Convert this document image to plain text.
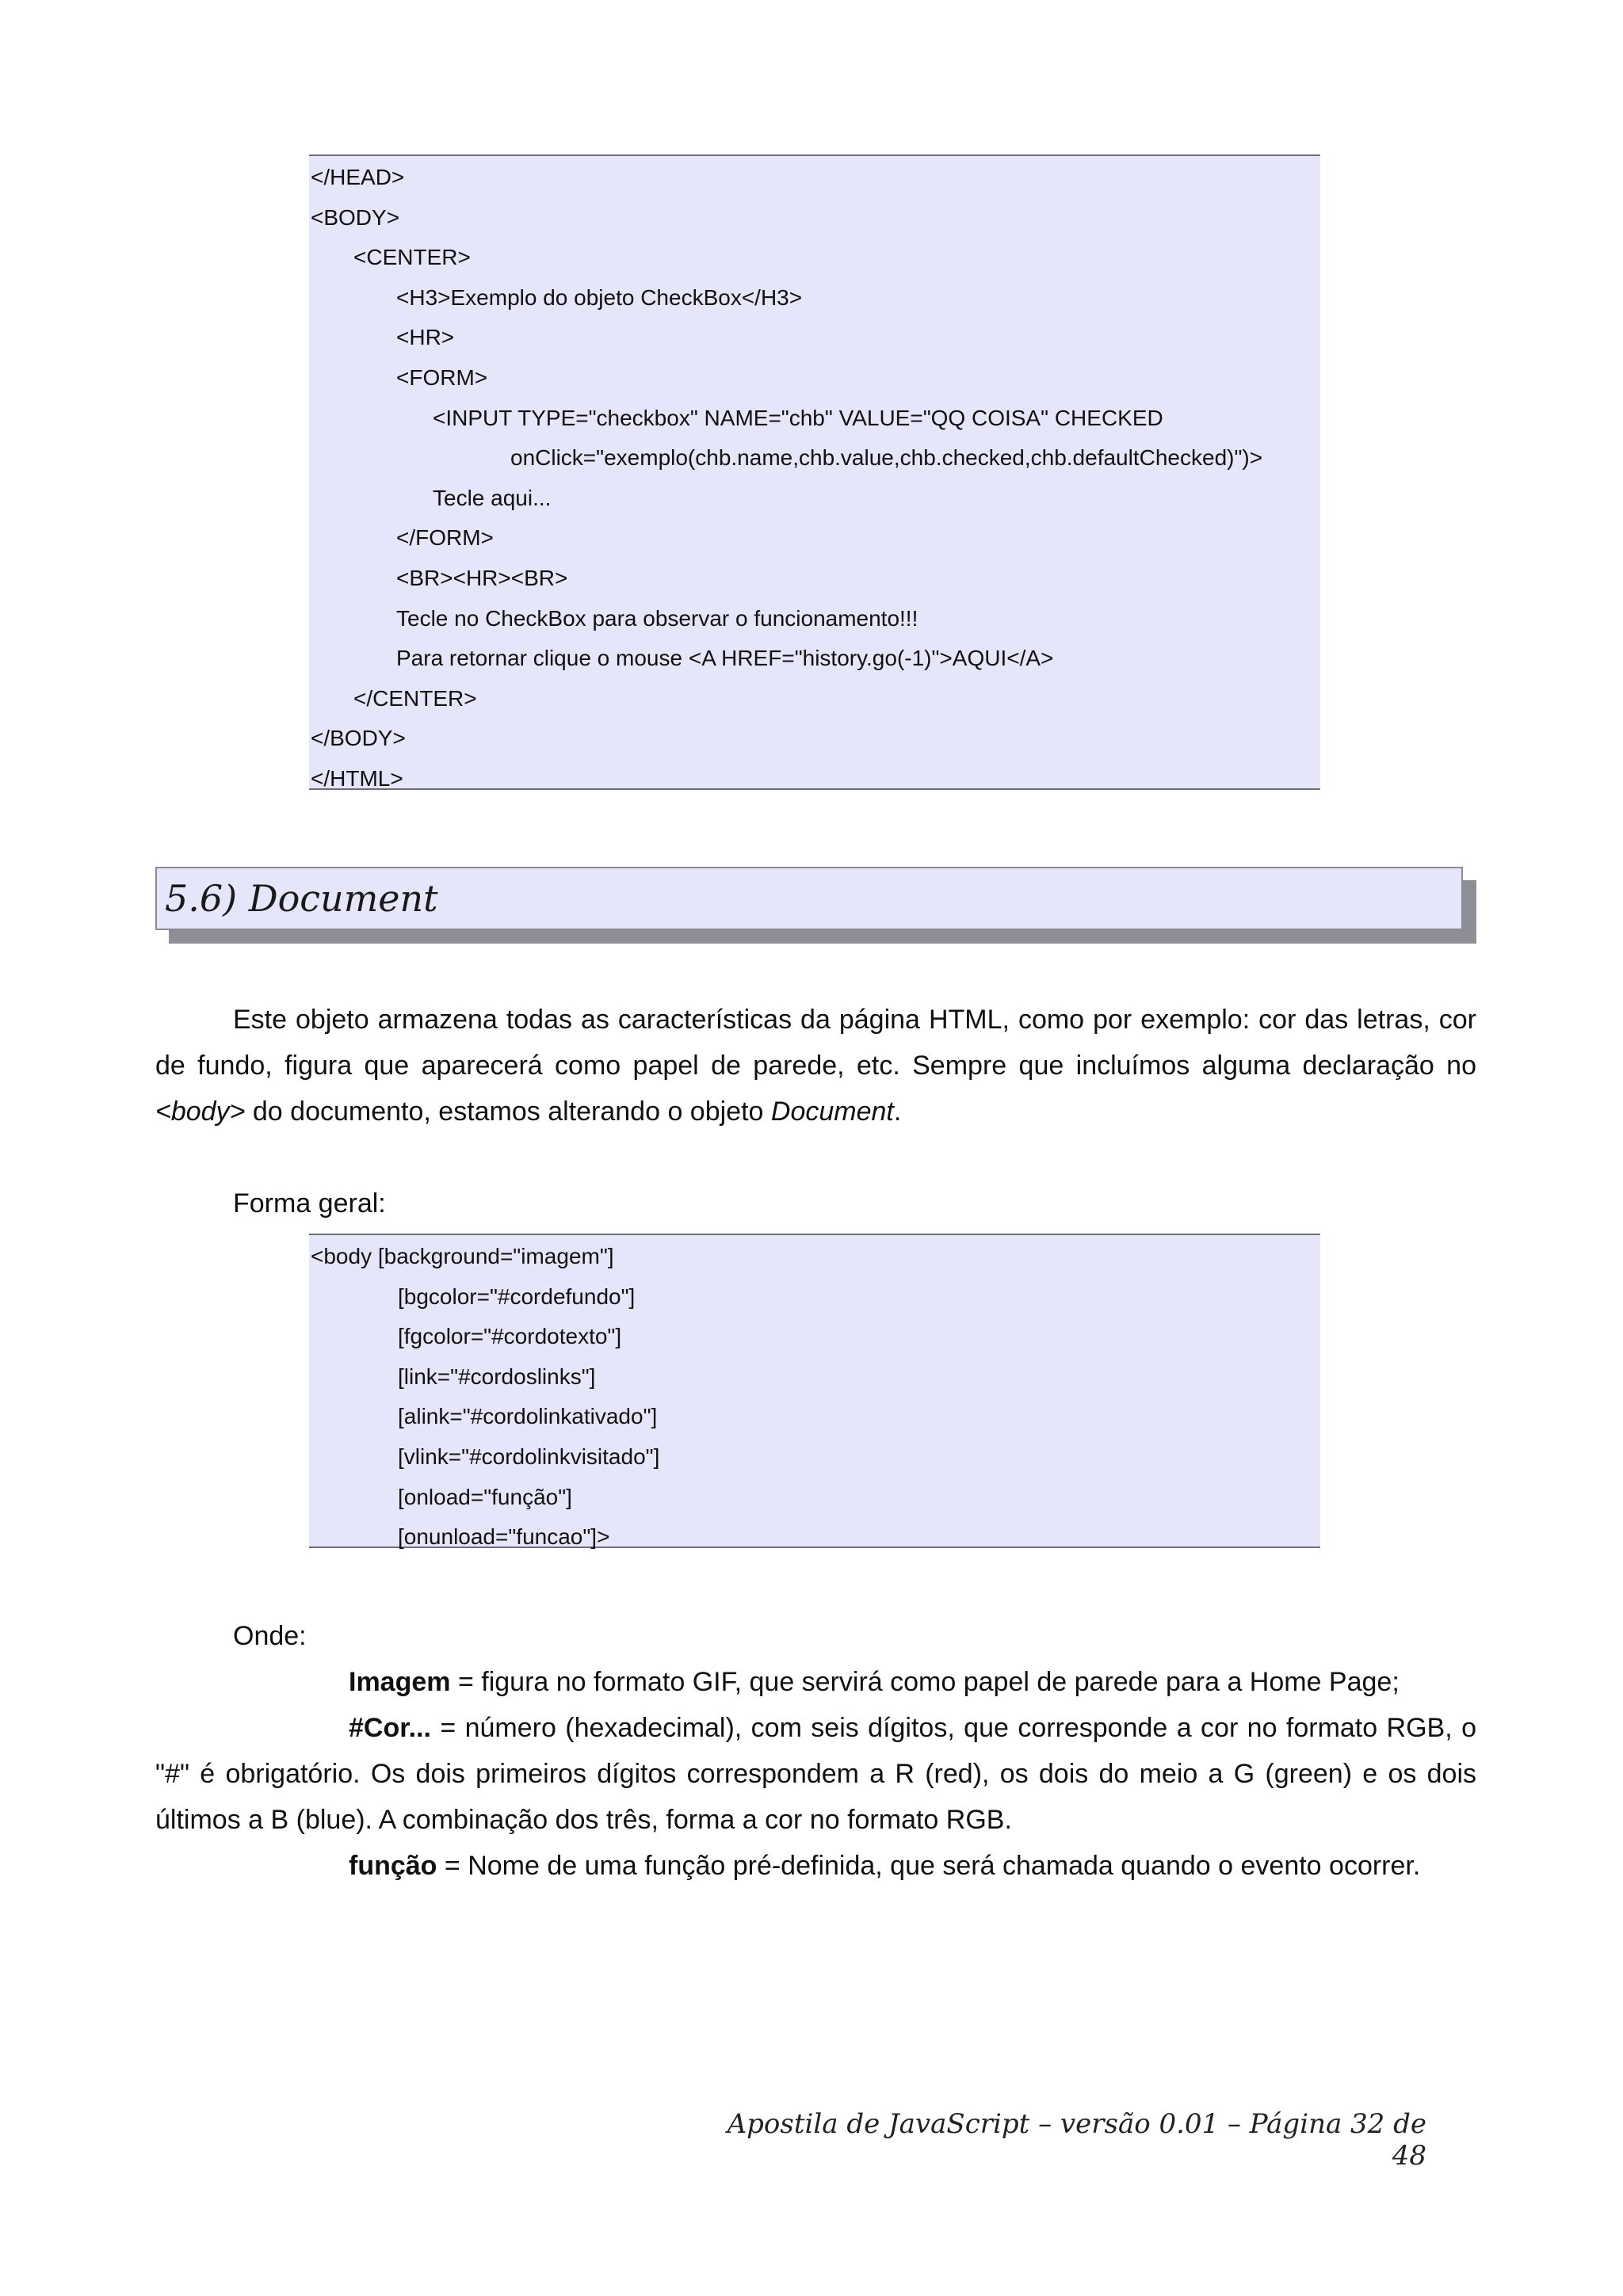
</HEAD>
<BODY>
<CENTER>
<H3>Exemplo do objeto CheckBox</H3>
<HR>
<FORM>
<INPUT TYPE="checkbox" NAME="chb" VALUE="QQ COISA" CHECKED
onClick="exemplo(chb.name,chb.value,chb.checked,chb.defaultChecked)")>
Tecle aqui...
</FORM>
<BR><HR><BR>
Tecle no CheckBox para observar o funcionamento!!!
Para retornar clique o mouse <A HREF="history.go(-1)">AQUI</A>
</CENTER>
</BODY>
</HTML>
5.6) Document
Este objeto armazena todas as características da página HTML, como por exemplo: cor das letras, cor de fundo, figura que aparecerá como papel de parede, etc. Sempre que incluímos alguma declaração no <body> do documento, estamos alterando o objeto Document.
Forma geral:
<body [background="imagem"]
[bgcolor="#cordefundo"]
[fgcolor="#cordotexto"]
[link="#cordoslinks"]
[alink="#cordolinkativado"]
[vlink="#cordolinkvisitado"]
[onload="função"]
[onunload="funcao"]>
Onde:
Imagem = figura no formato GIF, que servirá como papel de parede para a Home Page;
#Cor... = número (hexadecimal), com seis dígitos, que corresponde a cor no formato RGB, o "#" é obrigatório. Os dois primeiros dígitos correspondem a R (red), os dois do meio a G (green) e os dois últimos a B (blue). A combinação dos três, forma a cor no formato RGB.
função = Nome de uma função pré-definida, que será chamada quando o evento ocorrer.
Apostila de JavaScript – versão 0.01 – Página 32 de 48
